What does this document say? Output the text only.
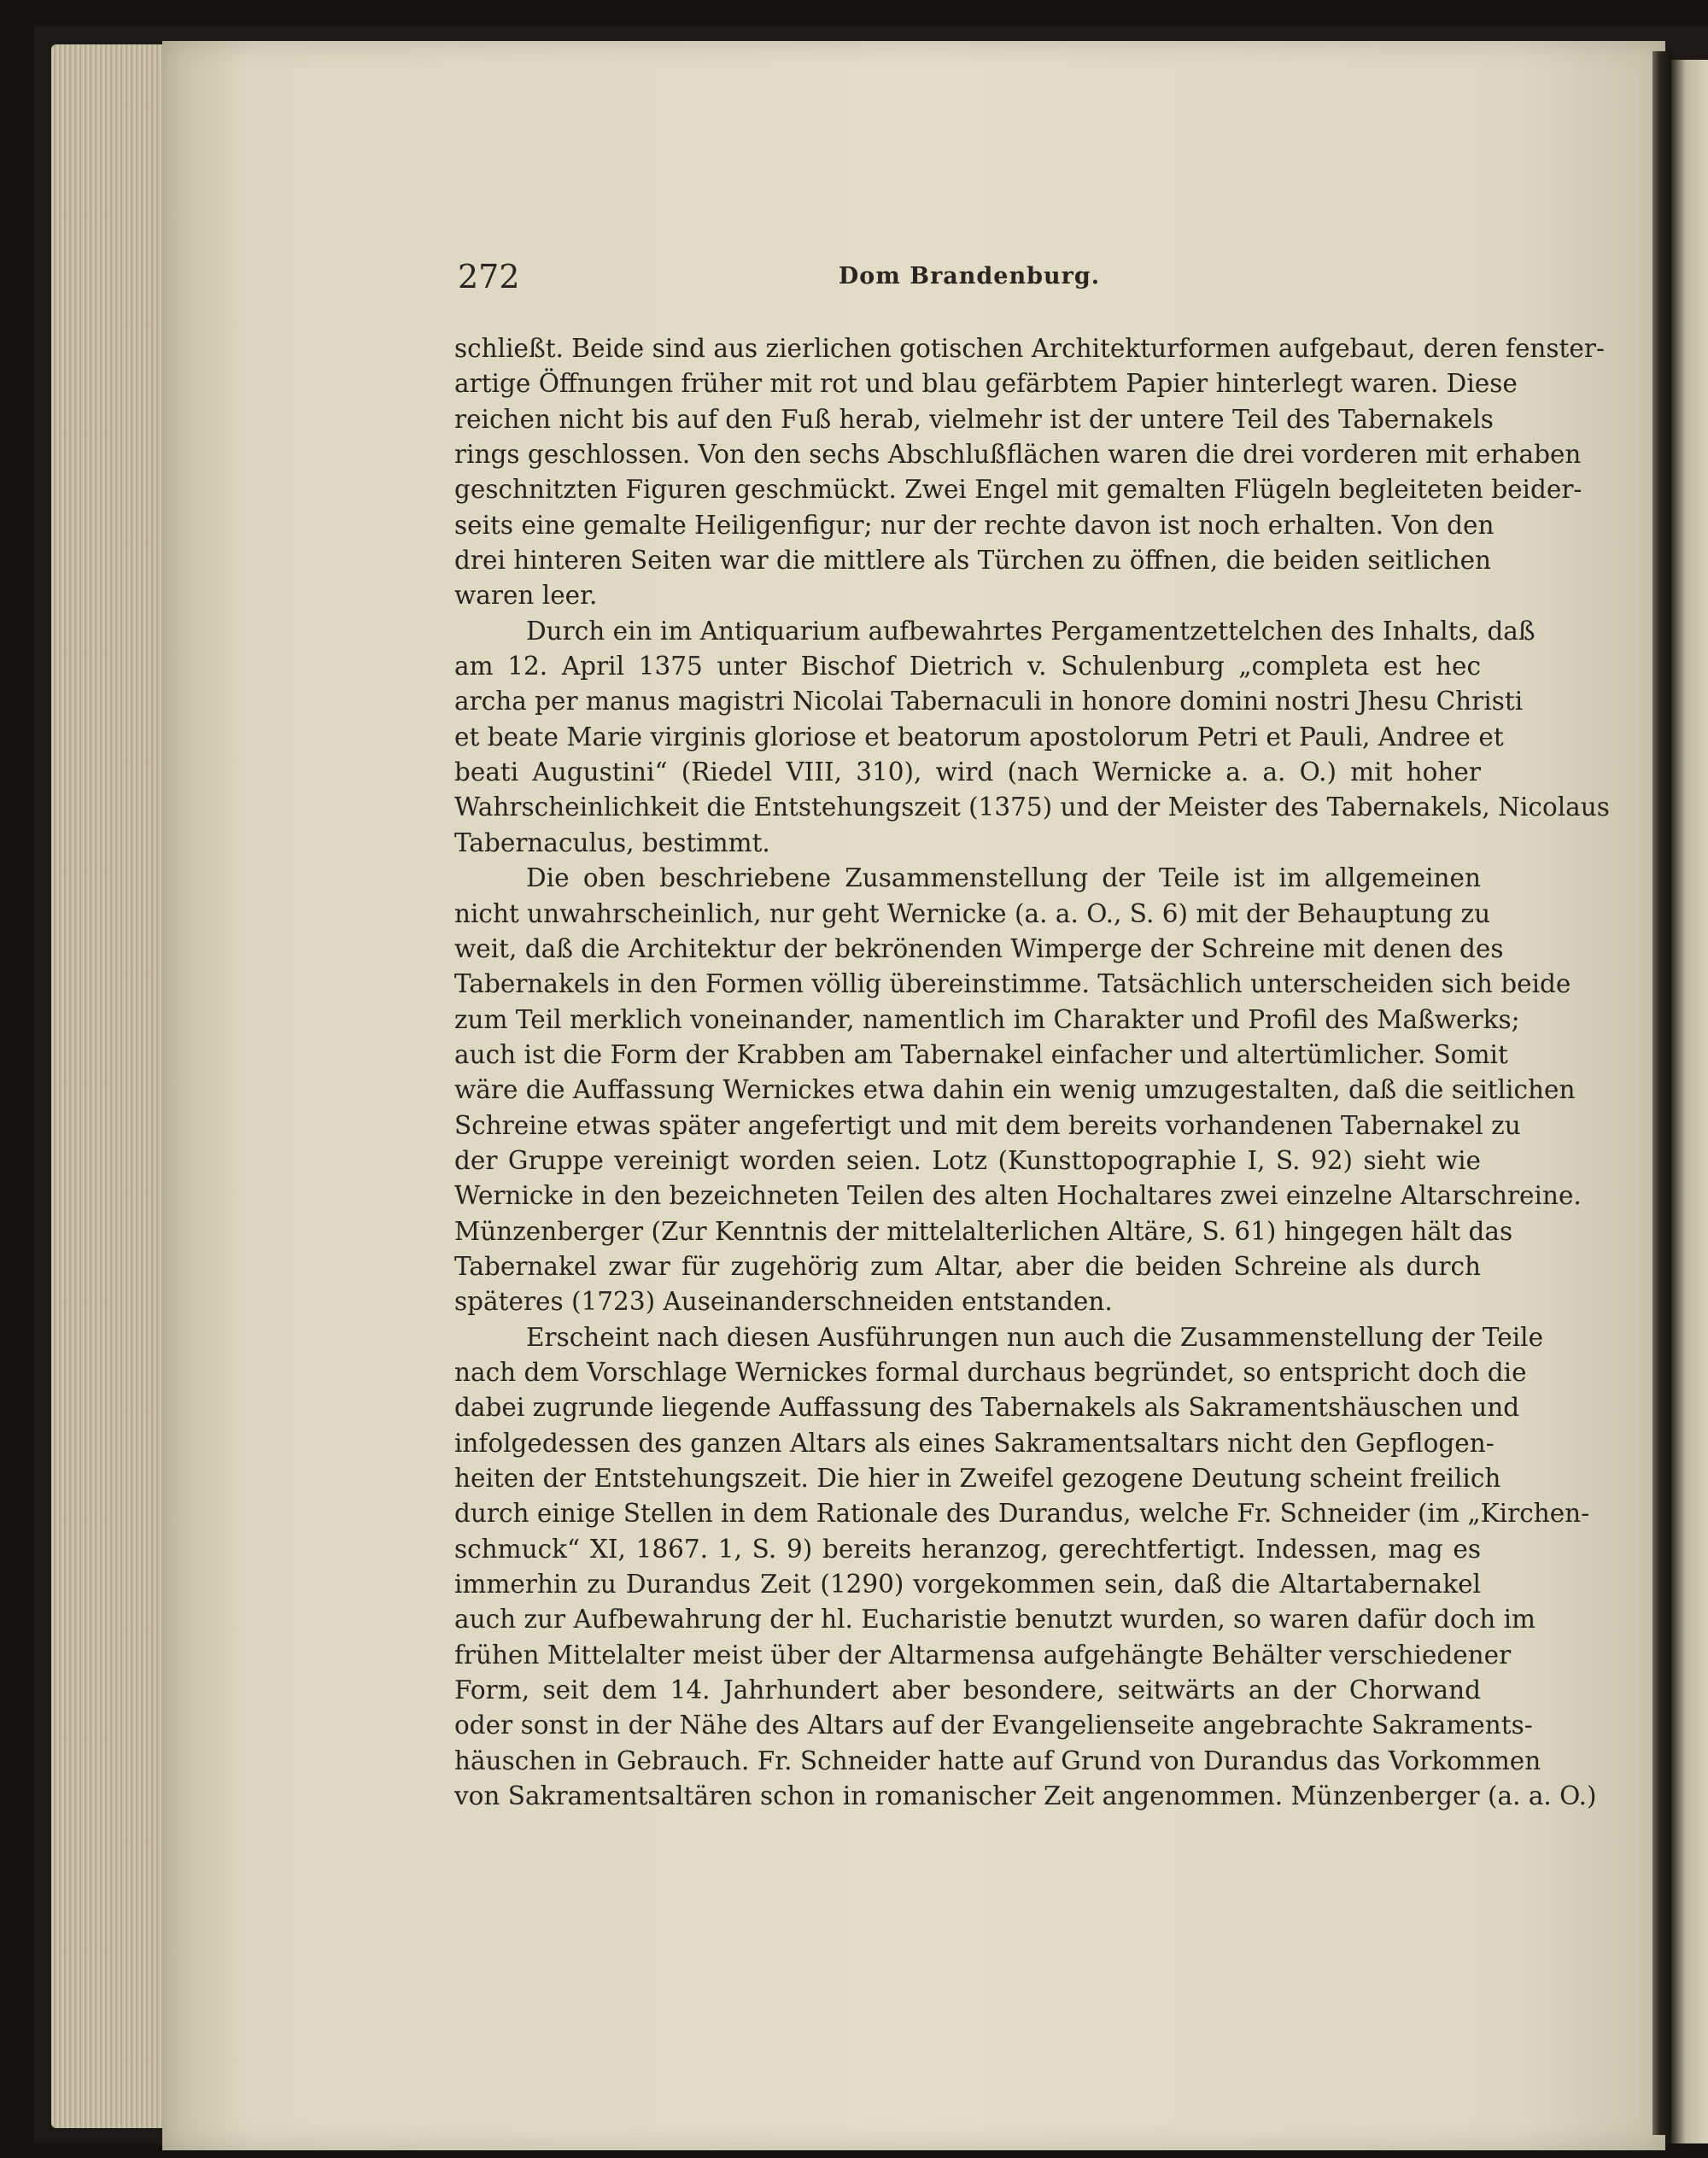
272	Dom Brandenburg.
schließt. Beide sind aus zierlichen gotischen Architekturformen aufgebaut, deren fenster-
artige Öffnungen früher mit rot und blau gefärbtem Papier hinterlegt waren. Diese
reichen nicht bis auf den Fuß herab, vielmehr ist der untere Teil des Tabernakels
rings geschlossen. Von den sechs Abschlußflächen waren die drei vorderen mit erhaben
geschnitzten Figuren geschmückt. Zwei Engel mit gemalten Flügeln begleiteten beider-
seits eine gemalte Heiligenfigur; nur der rechte davon ist noch erhalten. Von den
drei hinteren Seiten war die mittlere als Türchen zu öffnen, die beiden seitlichen
waren leer.
Durch ein im Antiquarium aufbewahrtes Pergamentzettelchen des Inhalts, daß
am 12. April 1375 unter Bischof Dietrich v. Schulenburg „completa est hec
archa per manus magistri Nicolai Tabernaculi in honore domini nostri Jhesu Christi
et beate Marie virginis gloriose et beatorum apostolorum Petri et Pauli, Andree et
beati Augustini“ (Riedel VIII, 310), wird (nach Wernicke a. a. O.) mit hoher
Wahrscheinlichkeit die Entstehungszeit (1375) und der Meister des Tabernakels, Nicolaus
Tabernaculus, bestimmt.
Die oben beschriebene Zusammenstellung der Teile ist im allgemeinen
nicht unwahrscheinlich, nur geht Wernicke (a. a. O., S. 6) mit der Behauptung zu
weit, daß die Architektur der bekrönenden Wimperge der Schreine mit denen des
Tabernakels in den Formen völlig übereinstimme. Tatsächlich unterscheiden sich beide
zum Teil merklich voneinander, namentlich im Charakter und Profil des Maßwerks;
auch ist die Form der Krabben am Tabernakel einfacher und altertümlicher. Somit
wäre die Auffassung Wernickes etwa dahin ein wenig umzugestalten, daß die seitlichen
Schreine etwas später angefertigt und mit dem bereits vorhandenen Tabernakel zu
der Gruppe vereinigt worden seien. Lotz (Kunsttopographie I, S. 92) sieht wie
Wernicke in den bezeichneten Teilen des alten Hochaltares zwei einzelne Altarschreine.
Münzenberger (Zur Kenntnis der mittelalterlichen Altäre, S. 61) hingegen hält das
Tabernakel zwar für zugehörig zum Altar, aber die beiden Schreine als durch
späteres (1723) Auseinanderschneiden entstanden.
Erscheint nach diesen Ausführungen nun auch die Zusammenstellung der Teile
nach dem Vorschlage Wernickes formal durchaus begründet, so entspricht doch die
dabei zugrunde liegende Auffassung des Tabernakels als Sakramentshäuschen und
infolgedessen des ganzen Altars als eines Sakramentsaltars nicht den Gepflogen-
heiten der Entstehungszeit. Die hier in Zweifel gezogene Deutung scheint freilich
durch einige Stellen in dem Rationale des Durandus, welche Fr. Schneider (im „Kirchen-
schmuck“ XI, 1867. 1, S. 9) bereits heranzog, gerechtfertigt. Indessen, mag es
immerhin zu Durandus Zeit (1290) vorgekommen sein, daß die Altartabernakel
auch zur Aufbewahrung der hl. Eucharistie benutzt wurden, so waren dafür doch im
frühen Mittelalter meist über der Altarmensa aufgehängte Behälter verschiedener
Form, seit dem 14. Jahrhundert aber besondere, seitwärts an der Chorwand
oder sonst in der Nähe des Altars auf der Evangelienseite angebrachte Sakraments-
häuschen in Gebrauch. Fr. Schneider hatte auf Grund von Durandus das Vorkommen
von Sakramentsaltären schon in romanischer Zeit angenommen. Münzenberger (a. a. O.)
